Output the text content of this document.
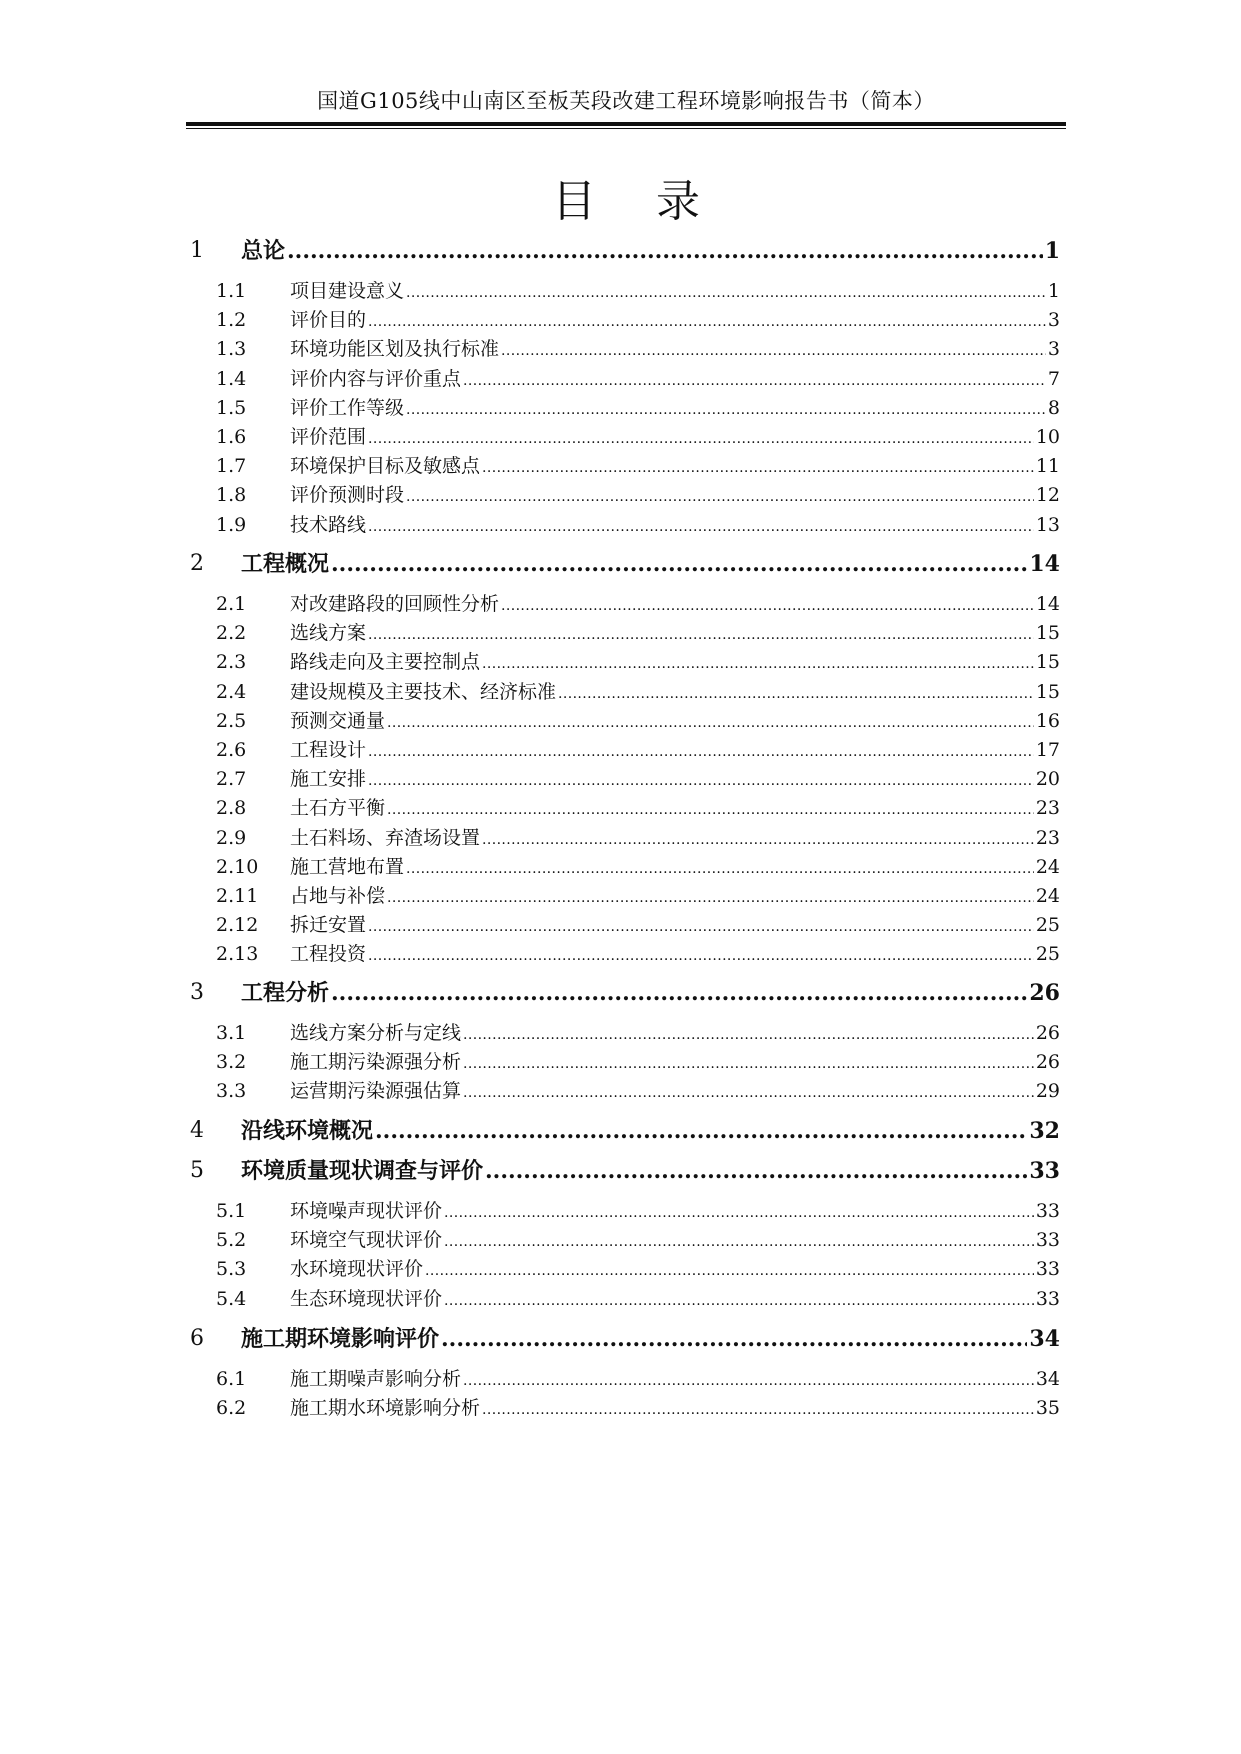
国道G105线中山南区至板芙段改建工程环境影响报告书（简本）
目 录
1 总论 .....	1
1.1 项目建设意义 .....	1
1.2 评价目的 .....	3
1.3 环境功能区划及执行标准 .....	3
1.4 评价内容与评价重点 .....	7
1.5 评价工作等级 .....	8
1.6 评价范围 .....	10
1.7 环境保护目标及敏感点 .....	11
1.8 评价预测时段 .....	12
1.9 技术路线 .....	13
2 工程概况 .....	14
2.1 对改建路段的回顾性分析 .....	14
2.2 选线方案 .....	15
2.3 路线走向及主要控制点 .....	15
2.4 建设规模及主要技术、经济标准 .....	15
2.5 预测交通量 .....	16
2.6 工程设计 .....	17
2.7 施工安排 .....	20
2.8 土石方平衡 .....	23
2.9 土石料场、弃渣场设置 .....	23
2.10 施工营地布置 .....	24
2.11 占地与补偿 .....	24
2.12 拆迁安置 .....	25
2.13 工程投资 .....	25
3 工程分析 .....	26
3.1 选线方案分析与定线 .....	26
3.2 施工期污染源强分析 .....	26
3.3 运营期污染源强估算 .....	29
4 沿线环境概况 .....	32
5 环境质量现状调查与评价 .....	33
5.1 环境噪声现状评价 .....	33
5.2 环境空气现状评价 .....	33
5.3 水环境现状评价 .....	33
5.4 生态环境现状评价 .....	33
6 施工期环境影响评价 .....	34
6.1 施工期噪声影响分析 .....	34
6.2 施工期水环境影响分析 .....	35
